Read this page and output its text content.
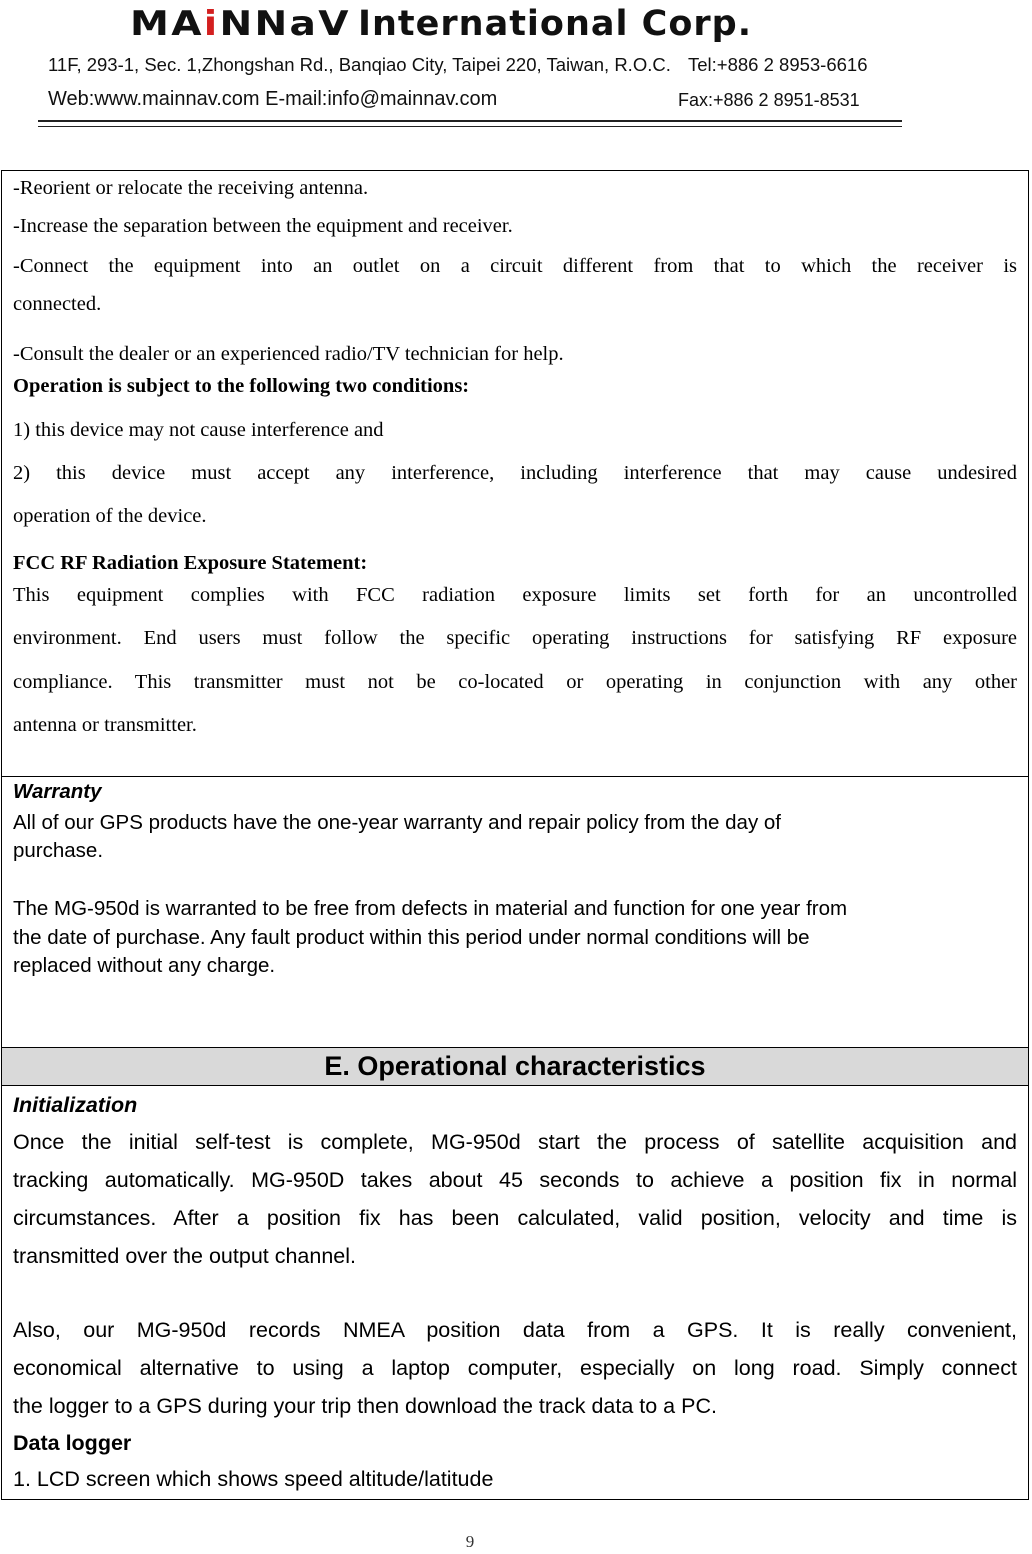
MAiNNaV International Corp.
11F, 293-1, Sec. 1,Zhongshan Rd., Banqiao City, Taipei 220, Taiwan, R.O.C. Tel:+886 2 8953-6616
Web:www.mainnav.com E-mail:info@mainnav.com	Fax:+886 2 8951-8531
-Reorient or relocate the receiving antenna.
-Increase the separation between the equipment and receiver.
-Connect the equipment into an outlet on a circuit different from that to which the receiver is
connected.
-Consult the dealer or an experienced radio/TV technician for help.
Operation is subject to the following two conditions:
1) this device may not cause interference and
2) this device must accept any interference, including interference that may cause undesired
operation of the device.
FCC RF Radiation Exposure Statement:
This equipment complies with FCC radiation exposure limits set forth for an uncontrolled
environment. End users must follow the specific operating instructions for satisfying RF exposure
compliance. This transmitter must not be co-located or operating in conjunction with any other
antenna or transmitter.
Warranty
All of our GPS products have the one-year warranty and repair policy from the day of
purchase.
The MG-950d is warranted to be free from defects in material and function for one year from
the date of purchase. Any fault product within this period under normal conditions will be
replaced without any charge.
E. Operational characteristics
Initialization
Once the initial self-test is complete, MG-950d start the process of satellite acquisition and
tracking automatically. MG-950D takes about 45 seconds to achieve a position fix in normal
circumstances. After a position fix has been calculated, valid position, velocity and time is
transmitted over the output channel.
Also, our MG-950d records NMEA position data from a GPS. It is really convenient,
economical alternative to using a laptop computer, especially on long road. Simply connect
the logger to a GPS during your trip then download the track data to a PC.
Data logger
1. LCD screen which shows speed altitude/latitude
9
